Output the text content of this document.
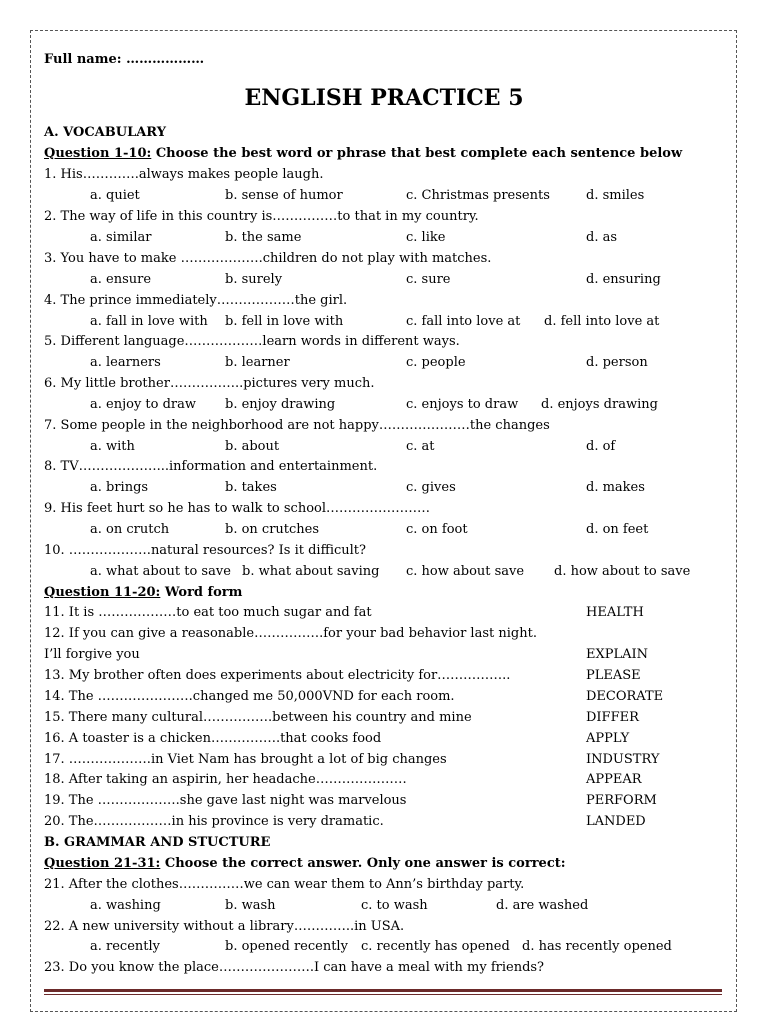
Full name: ………………
ENGLISH PRACTICE 5
A. VOCABULARY
Question 1-10: Choose the best word or phrase that best complete each sentence below
1. His………….always makes people laugh.
a. quiet	b. sense of humor	c. Christmas presents	d. smiles
2. The way of life in this country is……………to that in my country.
a. similar	b. the same	c. like	d. as
3. You have to make ……………….children do not play with matches.
a. ensure	b. surely	c. sure	d. ensuring
4. The prince immediately………………the girl.
a. fall in love with b. fell in love with	c. fall into love at d. fell into love at
5. Different language………………learn words in different ways.
a. learners	b. learner	c. people	d. person
6. My little brother……………..pictures very much.
a. enjoy to draw b. enjoy drawing	c. enjoys to draw d. enjoys drawing
7. Some people in the neighborhood are not happy…………………the changes
a. with	b. about	c. at	d. of
8. TV………………...information and entertainment.
a. brings	b. takes	c. gives	d. makes
9. His feet hurt so he has to walk to school……………………
a. on crutch	b. on crutches	c. on foot	d. on feet
10. ……………….natural resources? Is it difficult?
a. what about to save b. what about saving c. how about save d. how about to save
Question 11-20: Word form
11. It is ………………to eat too much sugar and fat	HEALTH
12. If you can give a reasonable…………….for your bad behavior last night.
I’ll forgive you	EXPLAIN
13. My brother often does experiments about electricity for……………..	PLEASE
14. The ………………….changed me 50,000VND for each room.	DECORATE
15. There many cultural…………….between his country and mine	DIFFER
16. A toaster is a chicken…………….that cooks food	APPLY
17. ……………….in Viet Nam has brought a lot of big changes	INDUSTRY
18. After taking an aspirin, her headache…………………	APPEAR
19. The ……………….she gave last night was marvelous	PERFORM
20. The………………in his province is very dramatic.	LANDED
B. GRAMMAR AND STUCTURE
Question 21-31: Choose the correct answer. Only one answer is correct:
21. After the clothes……………we can wear them to Ann’s birthday party.
a. washing	b. wash	c. to wash	d. are washed
22. A new university without a library…………..in USA.
a. recently	b. opened recently c. recently has opened d. has recently opened
23. Do you know the place………………….I can have a meal with my friends?
